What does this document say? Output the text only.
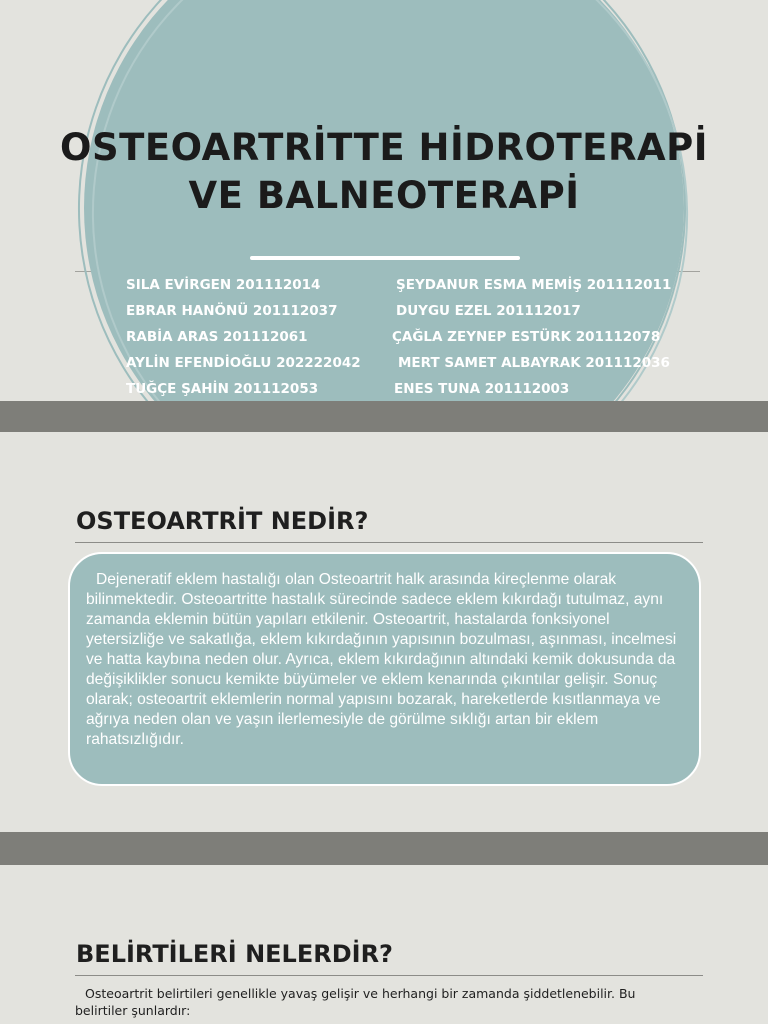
OSTEOARTRİTTE HİDROTERAPİ
VE BALNEOTERAPİ
SILA EVİRGEN 201112014
EBRAR HANÖNÜ 201112037
RABİA ARAS 201112061
AYLİN EFENDİOĞLU 202222042
TUĞÇE ŞAHİN 201112053
ŞEYDANUR ESMA MEMİŞ 201112011
DUYGU EZEL 201112017
ÇAĞLA ZEYNEP ESTÜRK 201112078
MERT SAMET ALBAYRAK 201112036
ENES TUNA 201112003
OSTEOARTRİT NEDİR?

Dejeneratif eklem hastalığı olan Osteoartrit halk arasında kireçlenme olarak bilinmektedir. Osteoartritte hastalık sürecinde sadece eklem kıkırdağı tutulmaz, aynı zamanda eklemin bütün yapıları etkilenir. Osteoartrit, hastalarda fonksiyonel yetersizliğe ve sakatlığa, eklem kıkırdağının yapısının bozulması, aşınması, incelmesi ve hatta kaybına neden olur. Ayrıca, eklem kıkırdağının altındaki kemik dokusunda da değişiklikler sonucu kemikte büyümeler ve eklem kenarında çıkıntılar gelişir. Sonuç olarak; osteoartrit eklemlerin normal yapısını bozarak, hareketlerde kısıtlanmaya ve ağrıya neden olan ve yaşın ilerlemesiyle de görülme sıklığı artan bir eklem rahatsızlığıdır.

BELİRTİLERİ NELERDİR?

Osteoartrit belirtileri genellikle yavaş gelişir ve herhangi bir zamanda şiddetlenebilir. Bu belirtiler şunlardır:
